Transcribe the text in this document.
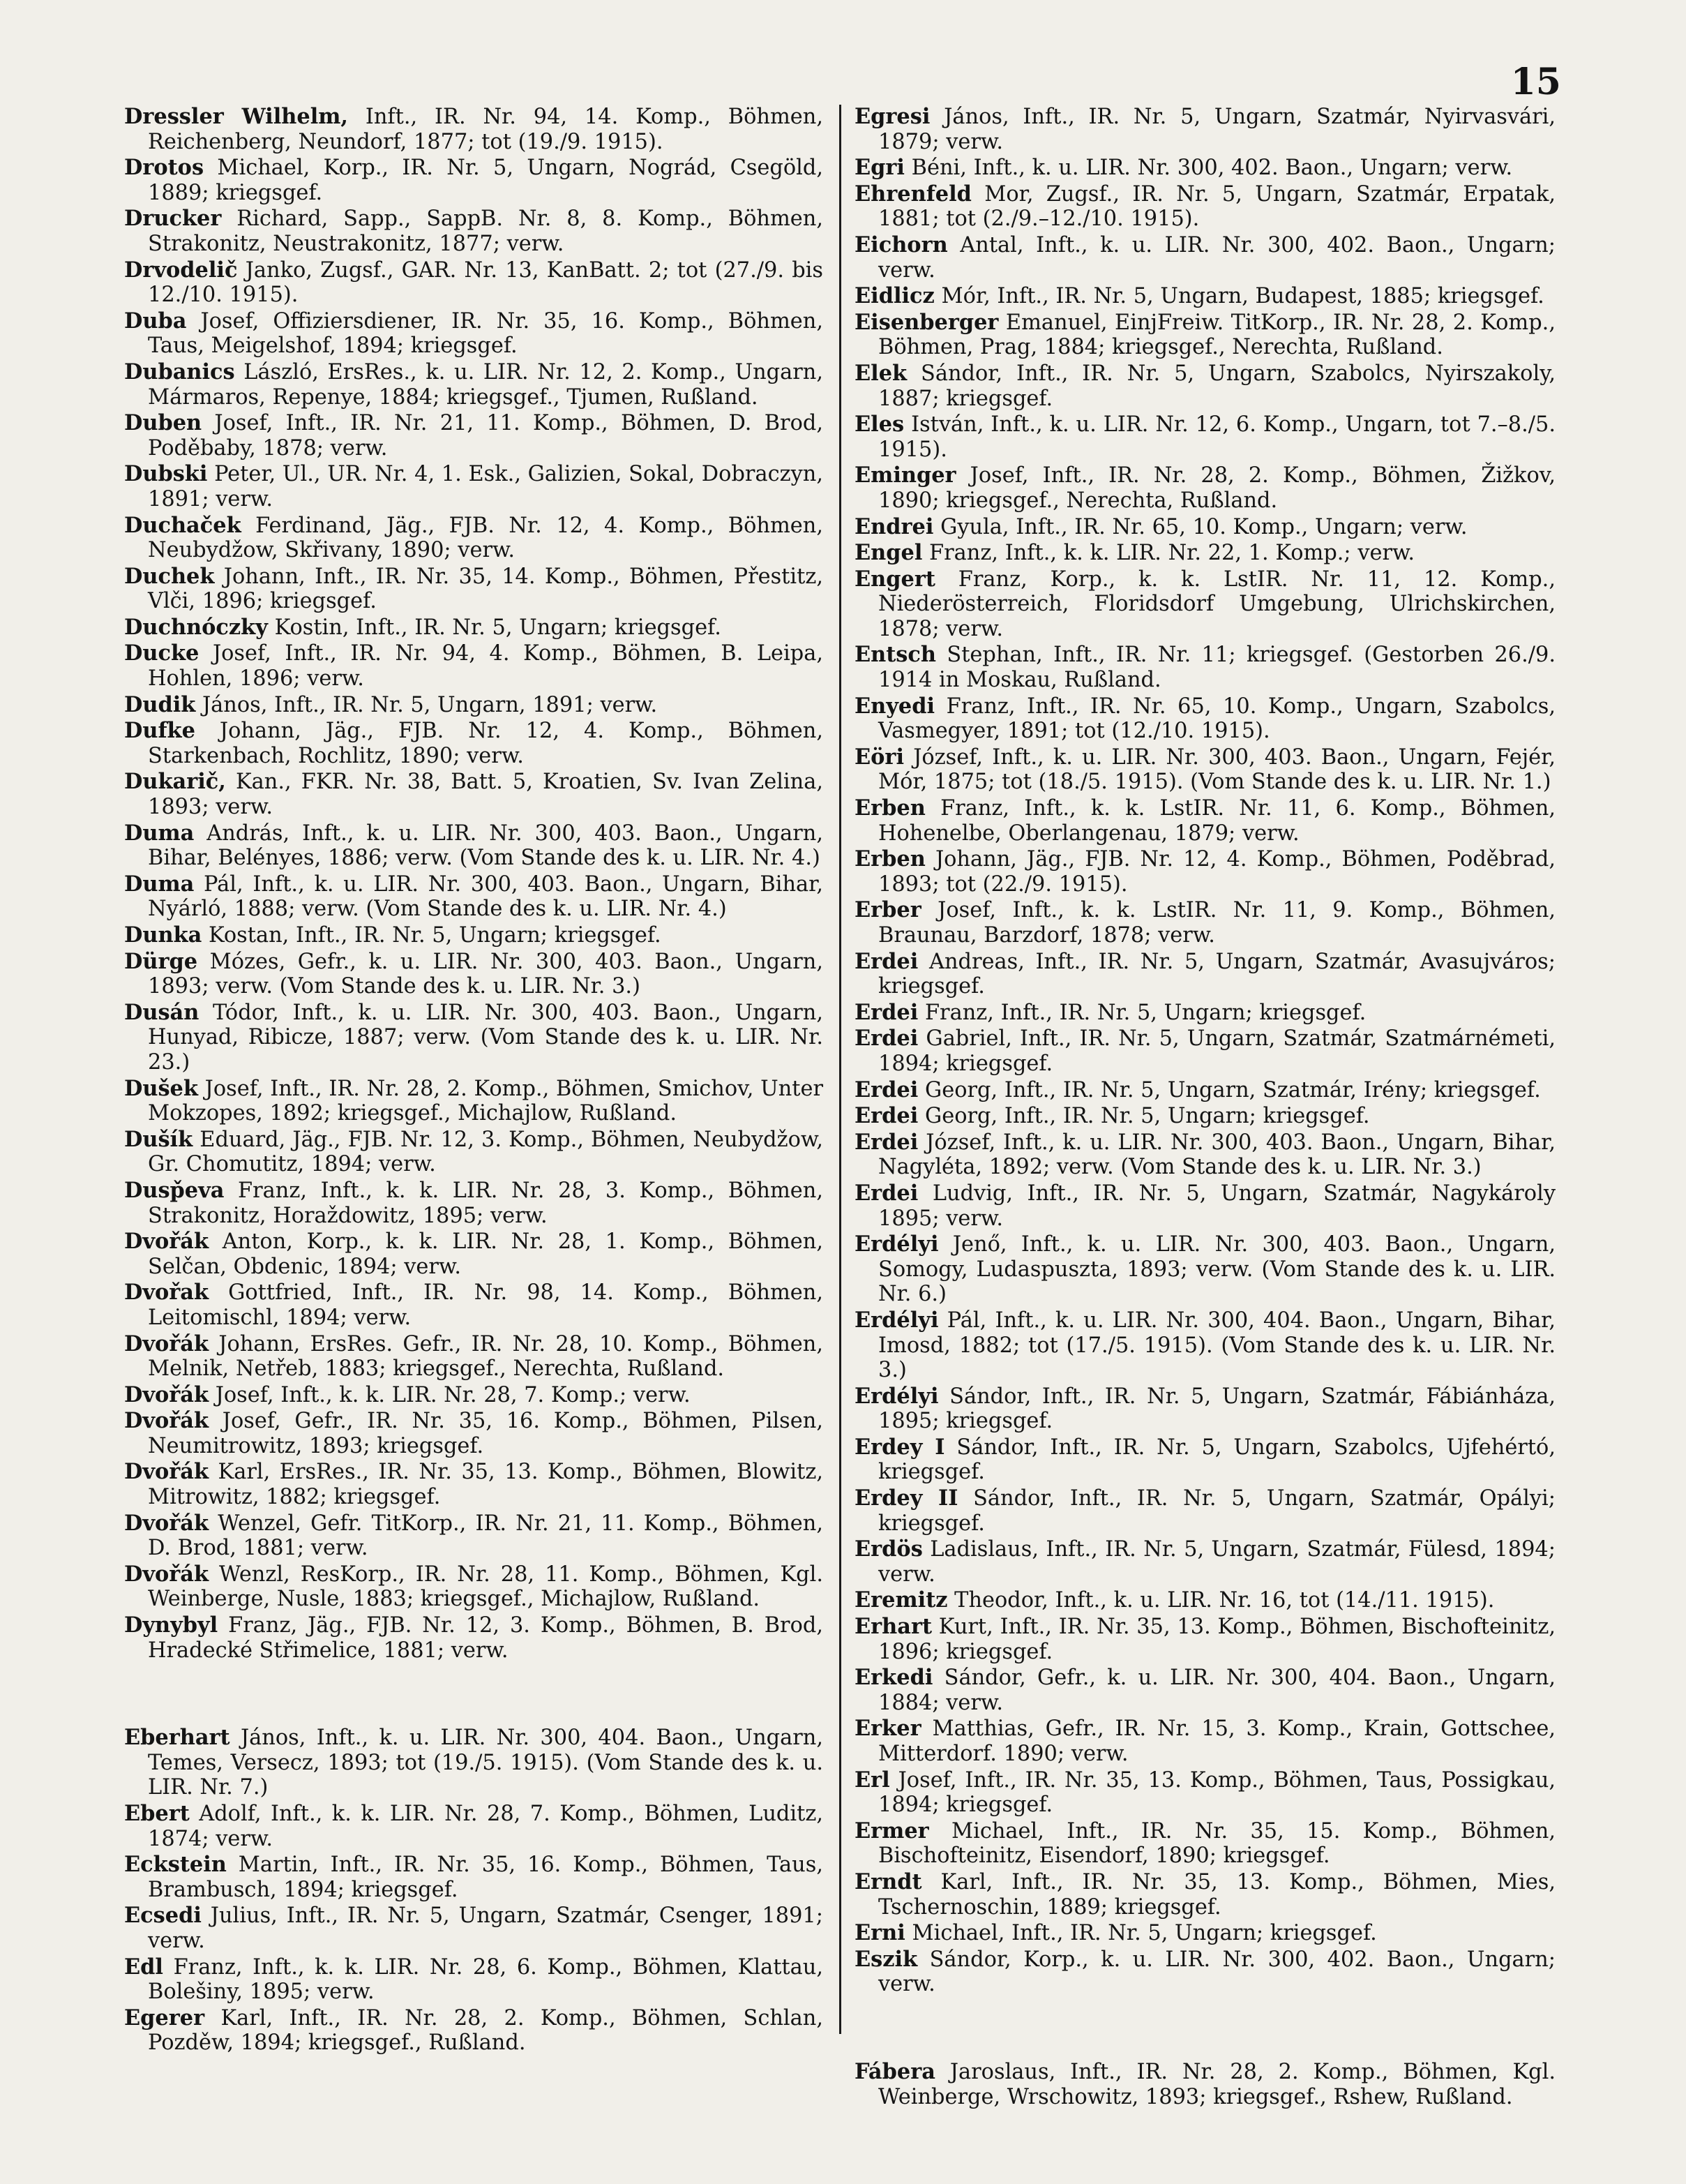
15
Dressler Wilhelm, Inft., IR. Nr. 94, 14. Komp., Böhmen, Reichenberg, Neundorf, 1877; tot (19./9. 1915).
Drotos Michael, Korp., IR. Nr. 5, Ungarn, Nográd, Csegöld, 1889; kriegsgef.
Drucker Richard, Sapp., SappB. Nr. 8, 8. Komp., Böhmen, Strakonitz, Neustrakonitz, 1877; verw.
Drvodelič Janko, Zugsf., GAR. Nr. 13, KanBatt. 2; tot (27./9. bis 12./10. 1915).
Duba Josef, Offiziersdiener, IR. Nr. 35, 16. Komp., Böhmen, Taus, Meigelshof, 1894; kriegsgef.
Dubanics László, ErsRes., k. u. LIR. Nr. 12, 2. Komp., Ungarn, Mármaros, Repenye, 1884; kriegsgef., Tjumen, Rußland.
Duben Josef, Inft., IR. Nr. 21, 11. Komp., Böhmen, D. Brod, Poděbaby, 1878; verw.
Dubski Peter, Ul., UR. Nr. 4, 1. Esk., Galizien, Sokal, Dobraczyn, 1891; verw.
Duchaček Ferdinand, Jäg., FJB. Nr. 12, 4. Komp., Böhmen, Neubydžow, Skřivany, 1890; verw.
Duchek Johann, Inft., IR. Nr. 35, 14. Komp., Böhmen, Přestitz, Vlči, 1896; kriegsgef.
Duchnóczky Kostin, Inft., IR. Nr. 5, Ungarn; kriegsgef.
Ducke Josef, Inft., IR. Nr. 94, 4. Komp., Böhmen, B. Leipa, Hohlen, 1896; verw.
Dudik János, Inft., IR. Nr. 5, Ungarn, 1891; verw.
Dufke Johann, Jäg., FJB. Nr. 12, 4. Komp., Böhmen, Starkenbach, Rochlitz, 1890; verw.
Dukarič, Kan., FKR. Nr. 38, Batt. 5, Kroatien, Sv. Ivan Zelina, 1893; verw.
Duma András, Inft., k. u. LIR. Nr. 300, 403. Baon., Ungarn, Bihar, Belényes, 1886; verw. (Vom Stande des k. u. LIR. Nr. 4.)
Duma Pál, Inft., k. u. LIR. Nr. 300, 403. Baon., Ungarn, Bihar, Nyárló, 1888; verw. (Vom Stande des k. u. LIR. Nr. 4.)
Dunka Kostan, Inft., IR. Nr. 5, Ungarn; kriegsgef.
Dürge Mózes, Gefr., k. u. LIR. Nr. 300, 403. Baon., Ungarn, 1893; verw. (Vom Stande des k. u. LIR. Nr. 3.)
Dusán Tódor, Inft., k. u. LIR. Nr. 300, 403. Baon., Ungarn, Hunyad, Ribicze, 1887; verw. (Vom Stande des k. u. LIR. Nr. 23.)
Dušek Josef, Inft., IR. Nr. 28, 2. Komp., Böhmen, Smichov, Unter Mokzopes, 1892; kriegsgef., Michajlow, Rußland.
Dušík Eduard, Jäg., FJB. Nr. 12, 3. Komp., Böhmen, Neubydžow, Gr. Chomutitz, 1894; verw.
Dusp̌eva Franz, Inft., k. k. LIR. Nr. 28, 3. Komp., Böhmen, Strakonitz, Horaždowitz, 1895; verw.
Dvořák Anton, Korp., k. k. LIR. Nr. 28, 1. Komp., Böhmen, Selčan, Obdenic, 1894; verw.
Dvořak Gottfried, Inft., IR. Nr. 98, 14. Komp., Böhmen, Leitomischl, 1894; verw.
Dvořák Johann, ErsRes. Gefr., IR. Nr. 28, 10. Komp., Böhmen, Melnik, Netřeb, 1883; kriegsgef., Nerechta, Rußland.
Dvořák Josef, Inft., k. k. LIR. Nr. 28, 7. Komp.; verw.
Dvořák Josef, Gefr., IR. Nr. 35, 16. Komp., Böhmen, Pilsen, Neumitrowitz, 1893; kriegsgef.
Dvořák Karl, ErsRes., IR. Nr. 35, 13. Komp., Böhmen, Blowitz, Mitrowitz, 1882; kriegsgef.
Dvořák Wenzel, Gefr. TitKorp., IR. Nr. 21, 11. Komp., Böhmen, D. Brod, 1881; verw.
Dvořák Wenzl, ResKorp., IR. Nr. 28, 11. Komp., Böhmen, Kgl. Weinberge, Nusle, 1883; kriegsgef., Michajlow, Rußland.
Dynybyl Franz, Jäg., FJB. Nr. 12, 3. Komp., Böhmen, B. Brod, Hradecké Střimelice, 1881; verw.
Eberhart János, Inft., k. u. LIR. Nr. 300, 404. Baon., Ungarn, Temes, Versecz, 1893; tot (19./5. 1915). (Vom Stande des k. u. LIR. Nr. 7.)
Ebert Adolf, Inft., k. k. LIR. Nr. 28, 7. Komp., Böhmen, Luditz, 1874; verw.
Eckstein Martin, Inft., IR. Nr. 35, 16. Komp., Böhmen, Taus, Brambusch, 1894; kriegsgef.
Ecsedi Julius, Inft., IR. Nr. 5, Ungarn, Szatmár, Csenger, 1891; verw.
Edl Franz, Inft., k. k. LIR. Nr. 28, 6. Komp., Böhmen, Klattau, Bolešiny, 1895; verw.
Egerer Karl, Inft., IR. Nr. 28, 2. Komp., Böhmen, Schlan, Pozděw, 1894; kriegsgef., Rußland.
Egresi János, Inft., IR. Nr. 5, Ungarn, Szatmár, Nyirvasvári, 1879; verw.
Egri Béni, Inft., k. u. LIR. Nr. 300, 402. Baon., Ungarn; verw.
Ehrenfeld Mor, Zugsf., IR. Nr. 5, Ungarn, Szatmár, Erpatak, 1881; tot (2./9.–12./10. 1915).
Eichorn Antal, Inft., k. u. LIR. Nr. 300, 402. Baon., Ungarn; verw.
Eidlicz Mór, Inft., IR. Nr. 5, Ungarn, Budapest, 1885; kriegsgef.
Eisenberger Emanuel, EinjFreiw. TitKorp., IR. Nr. 28, 2. Komp., Böhmen, Prag, 1884; kriegsgef., Nerechta, Rußland.
Elek Sándor, Inft., IR. Nr. 5, Ungarn, Szabolcs, Nyirszakoly, 1887; kriegsgef.
Eles István, Inft., k. u. LIR. Nr. 12, 6. Komp., Ungarn, tot 7.–8./5. 1915).
Eminger Josef, Inft., IR. Nr. 28, 2. Komp., Böhmen, Žižkov, 1890; kriegsgef., Nerechta, Rußland.
Endrei Gyula, Inft., IR. Nr. 65, 10. Komp., Ungarn; verw.
Engel Franz, Inft., k. k. LIR. Nr. 22, 1. Komp.; verw.
Engert Franz, Korp., k. k. LstIR. Nr. 11, 12. Komp., Niederösterreich, Floridsdorf Umgebung, Ulrichskirchen, 1878; verw.
Entsch Stephan, Inft., IR. Nr. 11; kriegsgef. (Gestorben 26./9. 1914 in Moskau, Rußland.
Enyedi Franz, Inft., IR. Nr. 65, 10. Komp., Ungarn, Szabolcs, Vasmegyer, 1891; tot (12./10. 1915).
Eöri József, Inft., k. u. LIR. Nr. 300, 403. Baon., Ungarn, Fejér, Mór, 1875; tot (18./5. 1915). (Vom Stande des k. u. LIR. Nr. 1.)
Erben Franz, Inft., k. k. LstIR. Nr. 11, 6. Komp., Böhmen, Hohenelbe, Oberlangenau, 1879; verw.
Erben Johann, Jäg., FJB. Nr. 12, 4. Komp., Böhmen, Poděbrad, 1893; tot (22./9. 1915).
Erber Josef, Inft., k. k. LstIR. Nr. 11, 9. Komp., Böhmen, Braunau, Barzdorf, 1878; verw.
Erdei Andreas, Inft., IR. Nr. 5, Ungarn, Szatmár, Avasujváros; kriegsgef.
Erdei Franz, Inft., IR. Nr. 5, Ungarn; kriegsgef.
Erdei Gabriel, Inft., IR. Nr. 5, Ungarn, Szatmár, Szatmárnémeti, 1894; kriegsgef.
Erdei Georg, Inft., IR. Nr. 5, Ungarn, Szatmár, Irény; kriegsgef.
Erdei Georg, Inft., IR. Nr. 5, Ungarn; kriegsgef.
Erdei József, Inft., k. u. LIR. Nr. 300, 403. Baon., Ungarn, Bihar, Nagyléta, 1892; verw. (Vom Stande des k. u. LIR. Nr. 3.)
Erdei Ludvig, Inft., IR. Nr. 5, Ungarn, Szatmár, Nagykároly 1895; verw.
Erdélyi Jenő, Inft., k. u. LIR. Nr. 300, 403. Baon., Ungarn, Somogy, Ludaspuszta, 1893; verw. (Vom Stande des k. u. LIR. Nr. 6.)
Erdélyi Pál, Inft., k. u. LIR. Nr. 300, 404. Baon., Ungarn, Bihar, Imosd, 1882; tot (17./5. 1915). (Vom Stande des k. u. LIR. Nr. 3.)
Erdélyi Sándor, Inft., IR. Nr. 5, Ungarn, Szatmár, Fábiánháza, 1895; kriegsgef.
Erdey I Sándor, Inft., IR. Nr. 5, Ungarn, Szabolcs, Ujfehértó, kriegsgef.
Erdey II Sándor, Inft., IR. Nr. 5, Ungarn, Szatmár, Opályi; kriegsgef.
Erdös Ladislaus, Inft., IR. Nr. 5, Ungarn, Szatmár, Fülesd, 1894; verw.
Eremitz Theodor, Inft., k. u. LIR. Nr. 16, tot (14./11. 1915).
Erhart Kurt, Inft., IR. Nr. 35, 13. Komp., Böhmen, Bischofteinitz, 1896; kriegsgef.
Erkedi Sándor, Gefr., k. u. LIR. Nr. 300, 404. Baon., Ungarn, 1884; verw.
Erker Matthias, Gefr., IR. Nr. 15, 3. Komp., Krain, Gottschee, Mitterdorf. 1890; verw.
Erl Josef, Inft., IR. Nr. 35, 13. Komp., Böhmen, Taus, Possigkau, 1894; kriegsgef.
Ermer Michael, Inft., IR. Nr. 35, 15. Komp., Böhmen, Bischofteinitz, Eisendorf, 1890; kriegsgef.
Erndt Karl, Inft., IR. Nr. 35, 13. Komp., Böhmen, Mies, Tschernoschin, 1889; kriegsgef.
Erni Michael, Inft., IR. Nr. 5, Ungarn; kriegsgef.
Eszik Sándor, Korp., k. u. LIR. Nr. 300, 402. Baon., Ungarn; verw.
Fábera Jaroslaus, Inft., IR. Nr. 28, 2. Komp., Böhmen, Kgl. Weinberge, Wrschowitz, 1893; kriegsgef., Rshew, Rußland.
